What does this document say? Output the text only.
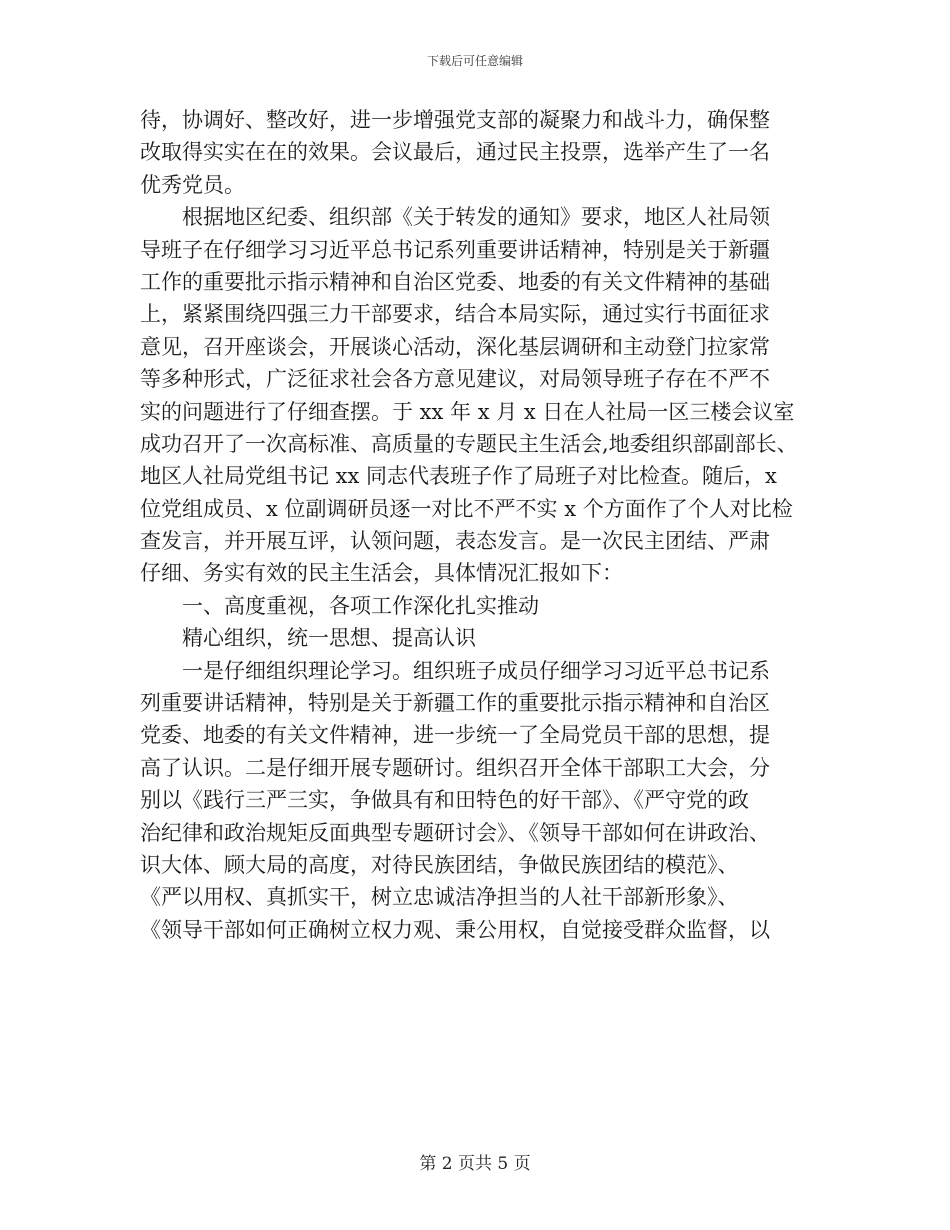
下载后可任意编辑
待，协调好、整改好，进一步增强党支部的凝聚力和战斗力，确保整
改取得实实在在的效果。会议最后，通过民主投票，选举产生了一名
优秀党员。
根据地区纪委、组织部《关于转发的通知》要求，地区人社局领
导班子在仔细学习习近平总书记系列重要讲话精神，特别是关于新疆
工作的重要批示指示精神和自治区党委、地委的有关文件精神的基础
上，紧紧围绕四强三力干部要求，结合本局实际，通过实行书面征求
意见，召开座谈会，开展谈心活动，深化基层调研和主动登门拉家常
等多种形式，广泛征求社会各方意见建议，对局领导班子存在不严不
实的问题进行了仔细查摆。于 xx 年 x 月 x 日在人社局一区三楼会议室
成功召开了一次高标准、高质量的专题民主生活会,地委组织部副部长、
地区人社局党组书记 xx 同志代表班子作了局班子对比检查。随后，x
位党组成员、x 位副调研员逐一对比不严不实 x 个方面作了个人对比检
查发言，并开展互评，认领问题，表态发言。是一次民主团结、严肃
仔细、务实有效的民主生活会，具体情况汇报如下：
一、高度重视，各项工作深化扎实推动
精心组织，统一思想、提高认识
一是仔细组织理论学习。组织班子成员仔细学习习近平总书记系
列重要讲话精神，特别是关于新疆工作的重要批示指示精神和自治区
党委、地委的有关文件精神，进一步统一了全局党员干部的思想，提
高了认识。二是仔细开展专题研讨。组织召开全体干部职工大会，分
别以《践行三严三实，争做具有和田特色的好干部》、《严守党的政
治纪律和政治规矩反面典型专题研讨会》、《领导干部如何在讲政治、
识大体、顾大局的高度，对待民族团结，争做民族团结的模范》、
《严以用权、真抓实干，树立忠诚洁净担当的人社干部新形象》、
《领导干部如何正确树立权力观、秉公用权，自觉接受群众监督，以
第 2 页共 5 页
